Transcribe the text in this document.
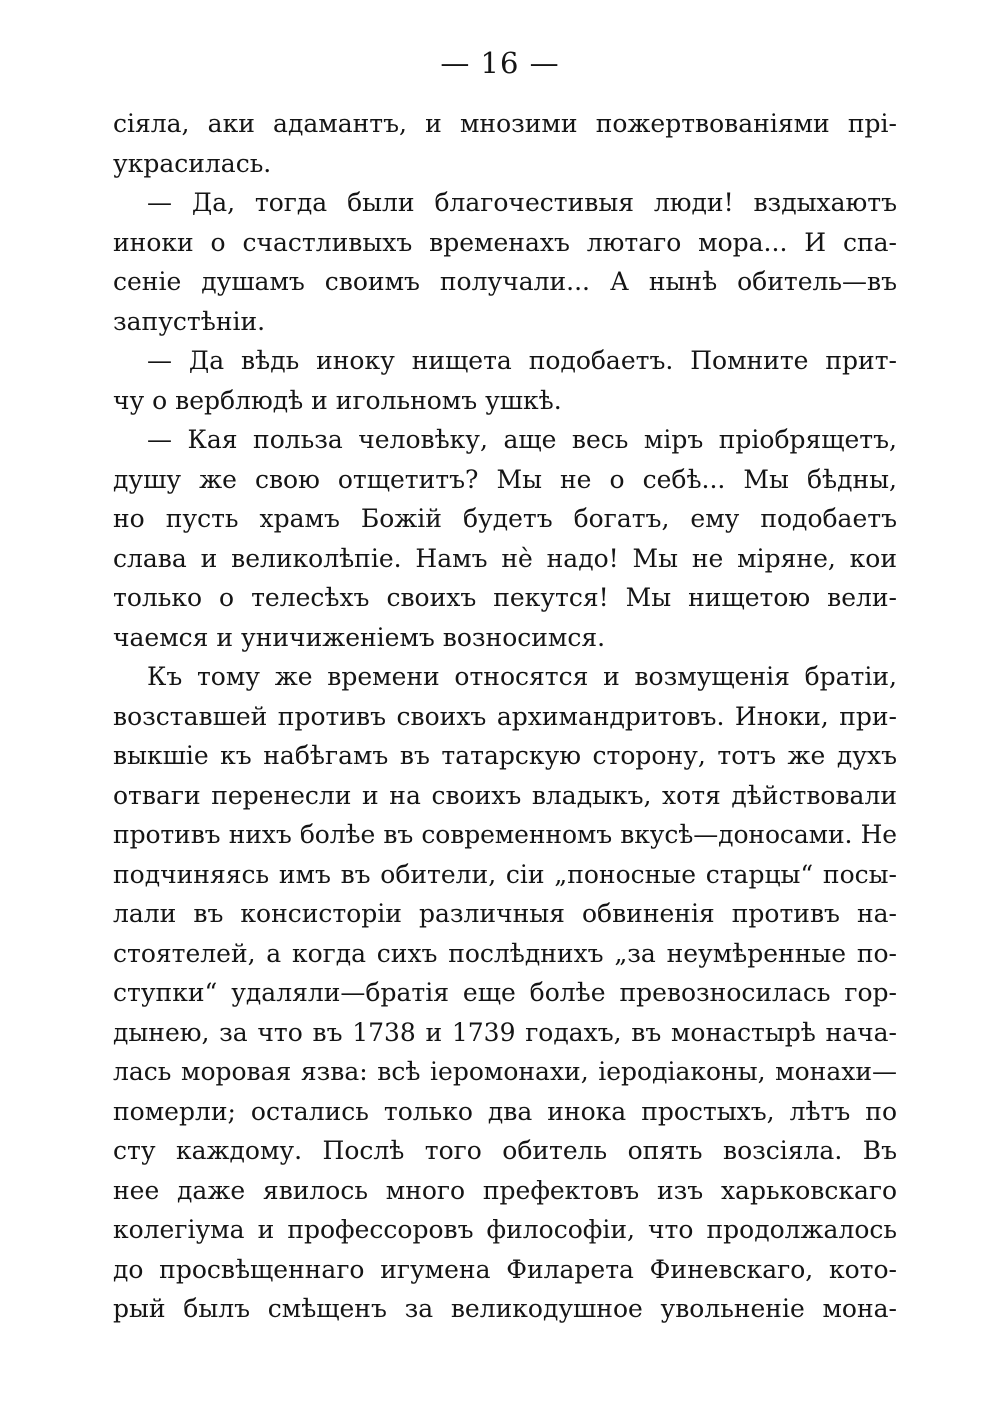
— 16 —
сіяла, аки адамантъ, и мнозими пожертвованіями прі-
украсилась.
— Да, тогда были благочестивыя люди! вздыхаютъ
иноки о счастливыхъ временахъ лютаго мора... И спа-
сеніе душамъ своимъ получали... А нынѣ обитель—въ
запустѣніи.
— Да вѣдь иноку нищета подобаетъ. Помните прит-
чу о верблюдѣ и игольномъ ушкѣ.
— Кая польза человѣку, аще весь міръ пріобрящетъ,
душу же свою отщетитъ? Мы не о себѣ... Мы бѣдны,
но пусть храмъ Божій будетъ богатъ, ему подобаетъ
слава и великолѣпіе. Намъ нѐ надо! Мы не міряне, кои
только о телесѣхъ своихъ пекутся! Мы нищетою вели-
чаемся и уничиженіемъ возносимся.
Къ тому же времени относятся и возмущенія братіи,
возставшей противъ своихъ архимандритовъ. Иноки, при-
выкшіе къ набѣгамъ въ татарскую сторону, тотъ же духъ
отваги перенесли и на своихъ владыкъ, хотя дѣйствовали
противъ нихъ болѣе въ современномъ вкусѣ—доносами. Не
подчиняясь имъ въ обители, сіи „поносные старцы“ посы-
лали въ консисторіи различныя обвиненія противъ на-
стоятелей, а когда сихъ послѣднихъ „за неумѣренные по-
ступки“ удаляли—братія еще болѣе превозносилась гор-
дынею, за что въ 1738 и 1739 годахъ, въ монастырѣ нача-
лась моровая язва: всѣ іеромонахи, іеродіаконы, монахи—
померли; остались только два инока простыхъ, лѣтъ по
сту каждому. Послѣ того обитель опять возсіяла. Въ
нее даже явилось много префектовъ изъ харьковскаго
колегіума и профессоровъ философіи, что продолжалось
до просвѣщеннаго игумена Филарета Финевскаго, кото-
рый былъ смѣщенъ за великодушное увольненіе мона-
